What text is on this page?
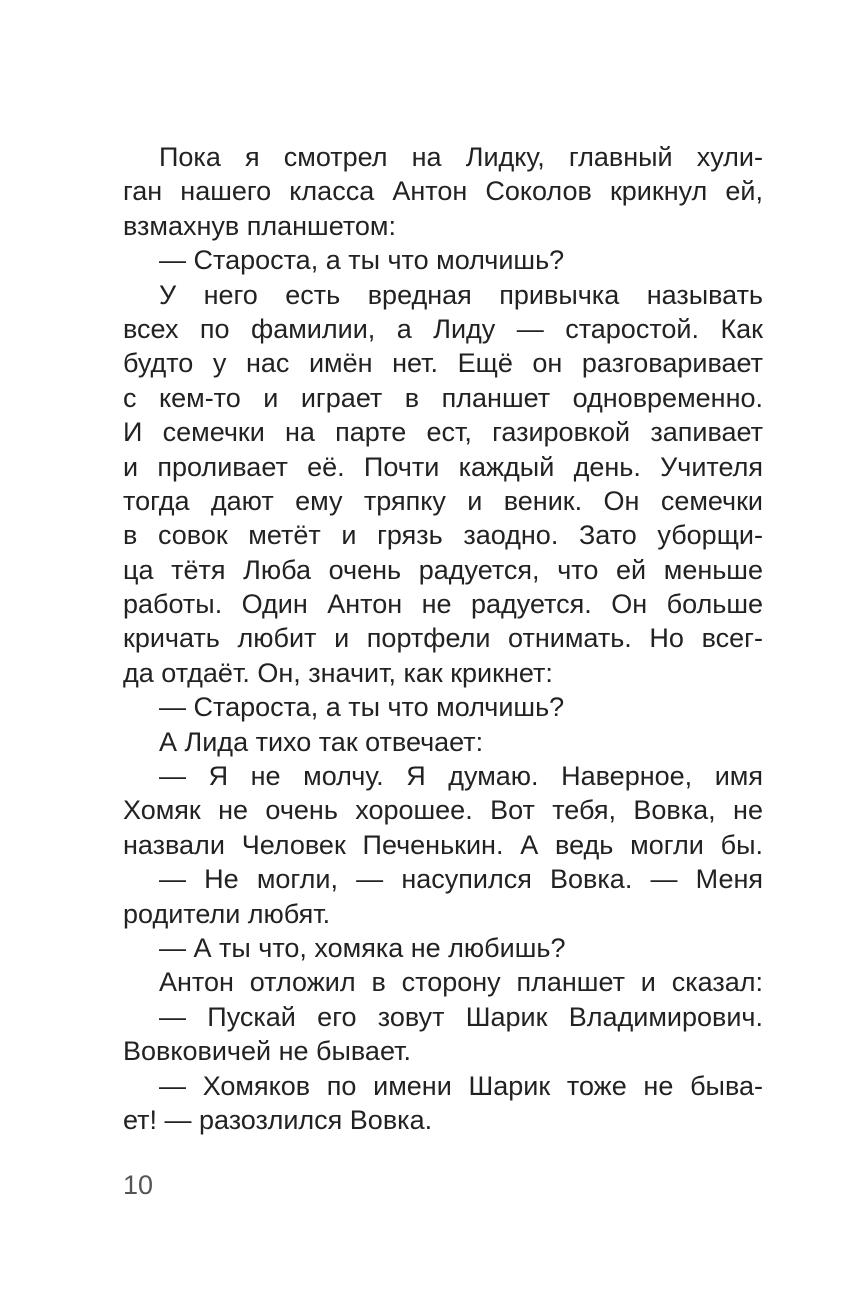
Пока я смотрел на Лидку, главный хули-
ган нашего класса Антон Соколов крикнул ей,
взмахнув планшетом:
— Староста, а ты что молчишь?
У него есть вредная привычка называть
всех по фамилии, а Лиду — старостой. Как
будто у нас имён нет. Ещё он разговаривает
с кем-то и играет в планшет одновременно.
И семечки на парте ест, газировкой запивает
и проливает её. Почти каждый день. Учителя
тогда дают ему тряпку и веник. Он семечки
в совок метёт и грязь заодно. Зато уборщи-
ца тётя Люба очень радуется, что ей меньше
работы. Один Антон не радуется. Он больше
кричать любит и портфели отнимать. Но всег-
да отдаёт. Он, значит, как крикнет:
— Староста, а ты что молчишь?
А Лида тихо так отвечает:
— Я не молчу. Я думаю. Наверное, имя
Хомяк не очень хорошее. Вот тебя, Вовка, не
назвали Человек Печенькин. А ведь могли бы.
— Не могли, — насупился Вовка. — Меня
родители любят.
— А ты что, хомяка не любишь?
Антон отложил в сторону планшет и сказал:
— Пускай его зовут Шарик Владимирович.
Вовковичей не бывает.
— Хомяков по имени Шарик тоже не быва-
ет! — разозлился Вовка.
10
